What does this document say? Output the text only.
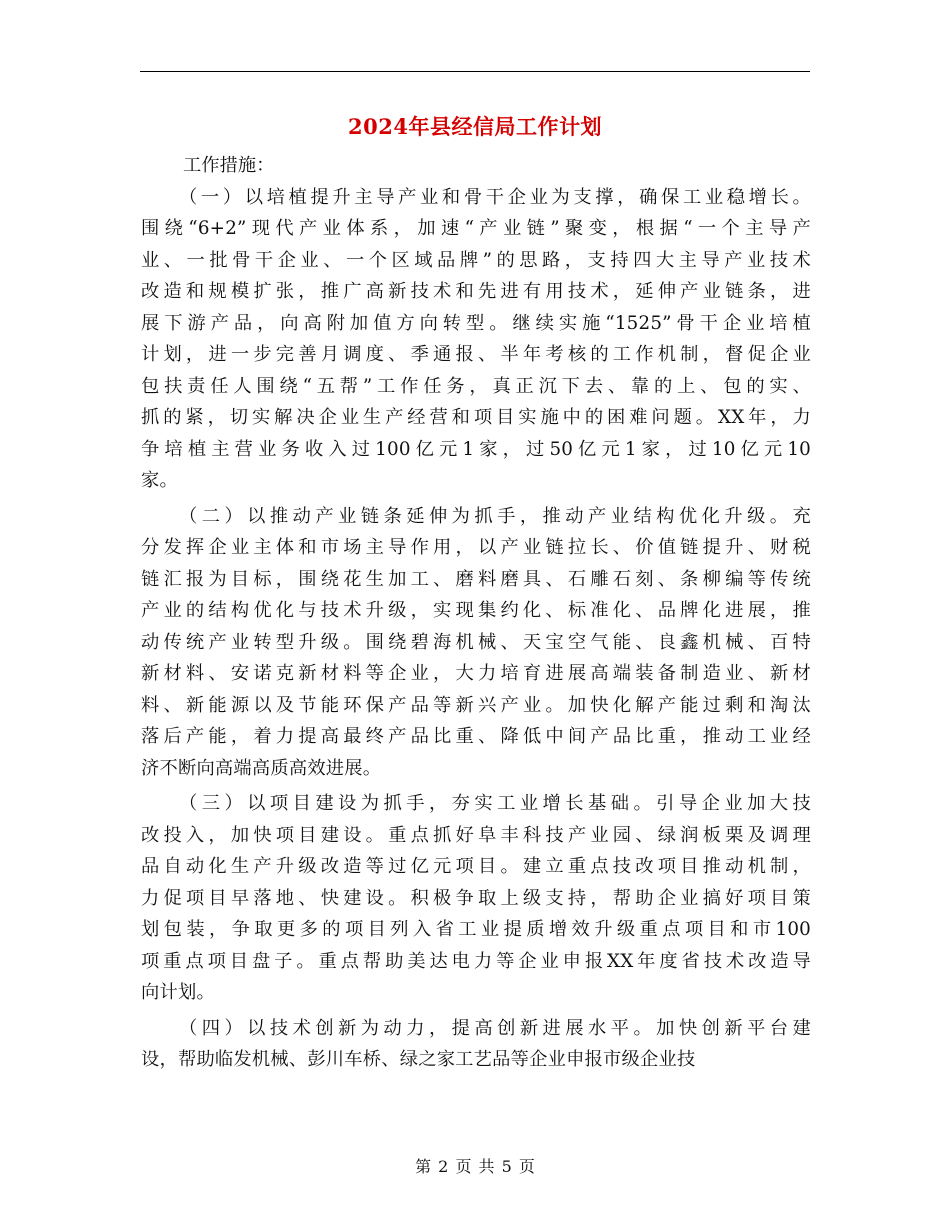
2024年县经信局工作计划

工作措施：

（一）以培植提升主导产业和骨干企业为支撑，确保工业稳增长。

围绕“6+2”现代产业体系，加速“产业链”聚变，根据“一个主导产

业、一批骨干企业、一个区域品牌”的思路，支持四大主导产业技术

改造和规模扩张，推广高新技术和先进有用技术，延伸产业链条，进

展下游产品，向高附加值方向转型。继续实施“1525”骨干企业培植

计划，进一步完善月调度、季通报、半年考核的工作机制，督促企业

包扶责任人围绕“五帮”工作任务，真正沉下去、靠的上、包的实、

抓的紧，切实解决企业生产经营和项目实施中的困难问题。XX年，力

争培植主营业务收入过100亿元1家，过50亿元1家，过10亿元10

家。

（二）以推动产业链条延伸为抓手，推动产业结构优化升级。充

分发挥企业主体和市场主导作用，以产业链拉长、价值链提升、财税

链汇报为目标，围绕花生加工、磨料磨具、石雕石刻、条柳编等传统

产业的结构优化与技术升级，实现集约化、标准化、品牌化进展，推

动传统产业转型升级。围绕碧海机械、天宝空气能、良鑫机械、百特

新材料、安诺克新材料等企业，大力培育进展高端装备制造业、新材

料、新能源以及节能环保产品等新兴产业。加快化解产能过剩和淘汰

落后产能，着力提高最终产品比重、降低中间产品比重，推动工业经

济不断向高端高质高效进展。

（三）以项目建设为抓手，夯实工业增长基础。引导企业加大技

改投入，加快项目建设。重点抓好阜丰科技产业园、绿润板栗及调理

品自动化生产升级改造等过亿元项目。建立重点技改项目推动机制，

力促项目早落地、快建设。积极争取上级支持，帮助企业搞好项目策

划包装，争取更多的项目列入省工业提质增效升级重点项目和市100

项重点项目盘子。重点帮助美达电力等企业申报XX年度省技术改造导

向计划。

（四）以技术创新为动力，提高创新进展水平。加快创新平台建

设，帮助临发机械、彭川车桥、绿之家工艺品等企业申报市级企业技

第 2 页 共 5 页
